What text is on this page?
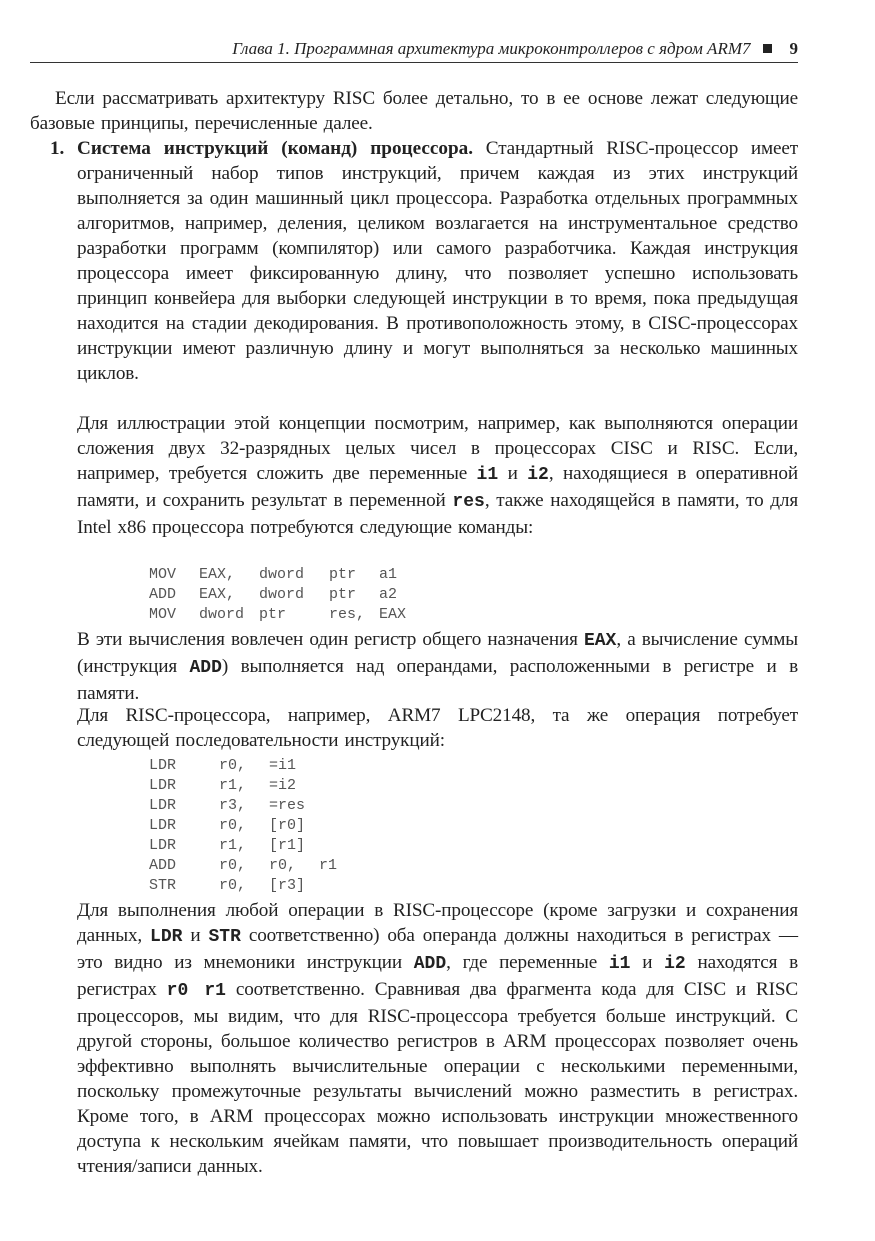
Глава 1. Программная архитектура микроконтроллеров с ядром ARM7 9

Если рассматривать архитектуру RISC более детально, то в ее основе лежат следующие базовые принципы, перечисленные далее.

1. Система инструкций (команд) процессора. Стандартный RISC-процессор имеет ограниченный набор типов инструкций, причем каждая из этих инструкций выполняется за один машинный цикл процессора. Разработка отдельных программных алгоритмов, например, деления, целиком возлагается на инструментальное средство разработки программ (компилятор) или самого разработчика. Каждая инструкция процессора имеет фиксированную длину, что позволяет успешно использовать принцип конвейера для выборки следующей инструкции в то время, пока предыдущая находится на стадии декодирования. В противоположность этому, в CISC-процессорах инструкции имеют различную длину и могут выполняться за несколько машинных циклов.

Для иллюстрации этой концепции посмотрим, например, как выполняются операции сложения двух 32-разрядных целых чисел в процессорах CISC и RISC. Если, например, требуется сложить две переменные i1 и i2, находящиеся в оперативной памяти, и сохранить результат в переменной res, также находящейся в памяти, то для Intel x86 процессора потребуются следующие команды:

MOV EAX, dword ptr a1
ADD EAX, dword ptr a2
MOV dword ptr	res, EAX

В эти вычисления вовлечен один регистр общего назначения EAX, а вычисление суммы (инструкция ADD) выполняется над операндами, расположенными в регистре и в памяти.

Для RISC-процессора, например, ARM7 LPC2148, та же операция потребует следующей последовательности инструкций:

LDR	r0, =i1
LDR	r1, =i2
LDR	r3, =res
LDR	r0, [r0]
LDR	r1, [r1]
ADD	r0, r0, r1
STR	r0, [r3]

Для выполнения любой операции в RISC-процессоре (кроме загрузки и сохранения данных, LDR и STR соответственно) оба операнда должны находиться в регистрах — это видно из мнемоники инструкции ADD, где переменные i1 и i2 находятся в регистрах r0 r1 соответственно. Сравнивая два фрагмента кода для CISC и RISC процессоров, мы видим, что для RISC-процессора требуется больше инструкций. С другой стороны, большое количество регистров в ARM процессорах позволяет очень эффективно выполнять вычислительные операции с несколькими переменными, поскольку промежуточные результаты вычислений можно разместить в регистрах. Кроме того, в ARM процессорах можно использовать инструкции множественного доступа к нескольким ячейкам памяти, что повышает производительность операций чтения/записи данных.
